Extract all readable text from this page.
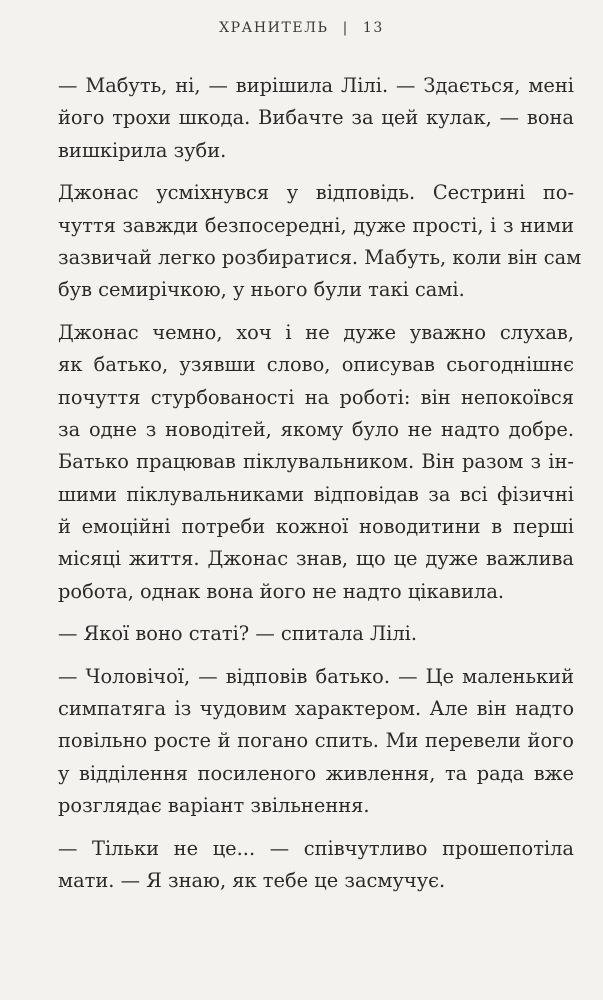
ХРАНИТЕЛЬ | 13

— Мабуть, ні, — вирішила Лілі. — Здається, мені
його трохи шкода. Вибачте за цей кулак, — вона
вишкірила зуби.

Джонас усміхнувся у відповідь. Сестрині по-
чуття завжди безпосередні, дуже прості, і з ними
зазвичай легко розбиратися. Мабуть, коли він сам
був семирічкою, у нього були такі самі.

Джонас чемно, хоч і не дуже уважно слухав,
як батько, узявши слово, описував сьогоднішнє
почуття стурбованості на роботі: він непокоївся
за одне з новодітей, якому було не надто добре.
Батько працював піклувальником. Він разом з ін-
шими піклувальниками відповідав за всі фізичні
й емоційні потреби кожної новодитини в перші
місяці життя. Джонас знав, що це дуже важлива
робота, однак вона його не надто цікавила.

— Якої воно статі? — спитала Лілі.

— Чоловічої, — відповів батько. — Це маленький
симпатяга із чудовим характером. Але він надто
повільно росте й погано спить. Ми перевели його
у відділення посиленого живлення, та рада вже
розглядає варіант звільнення.

— Тільки не це... — співчутливо прошепотіла
мати. — Я знаю, як тебе це засмучує.
